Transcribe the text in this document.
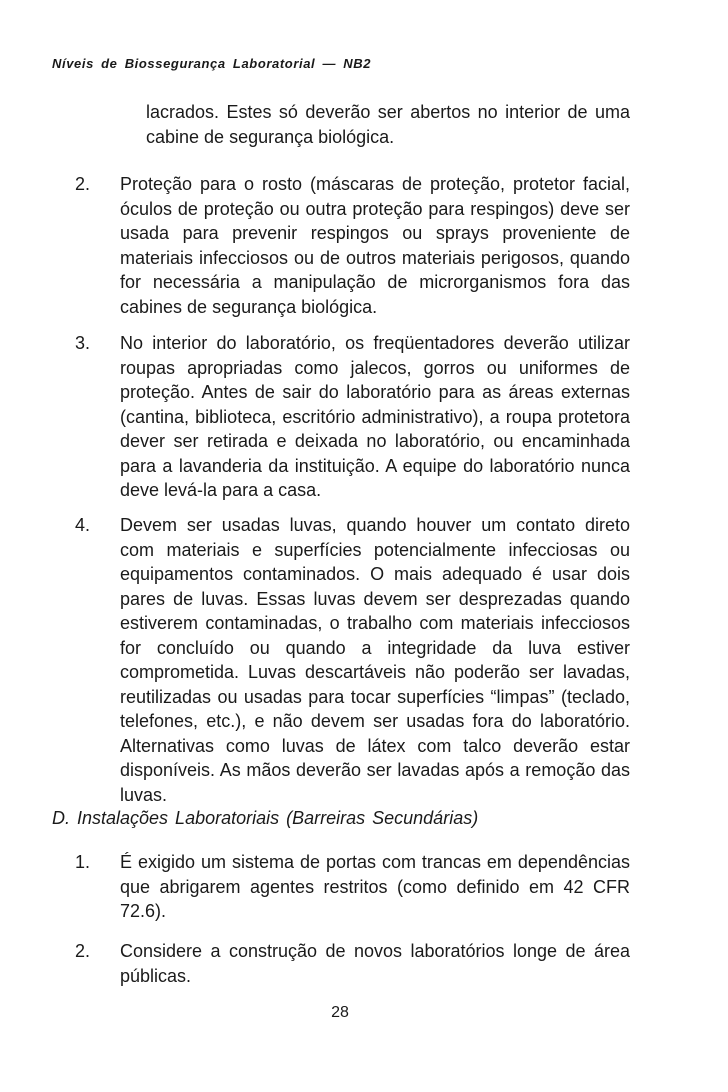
Níveis de Biossegurança Laboratorial — NB2
lacrados. Estes só deverão ser abertos no interior de uma cabine de segurança biológica.
2.	Proteção para o rosto (máscaras de proteção, protetor facial, óculos de proteção ou outra proteção para respingos) deve ser usada para prevenir respingos ou sprays proveniente de materiais infecciosos ou de outros materiais perigosos, quando for necessária a manipulação de microrganismos fora das cabines de segurança biológica.
3.	No interior do laboratório, os freqüentadores deverão utilizar roupas apropriadas como jalecos, gorros ou uniformes de proteção. Antes de sair do laboratório para as áreas externas (cantina, biblioteca, escritório administrativo), a roupa protetora dever ser retirada e deixada no laboratório, ou encaminhada para a lavanderia da instituição. A equipe do laboratório nunca deve levá-la para a casa.
4.	Devem ser usadas luvas, quando houver um contato direto com materiais e superfícies potencialmente infecciosas ou equipamentos contaminados. O mais adequado é usar dois pares de luvas. Essas luvas devem ser desprezadas quando estiverem contaminadas, o trabalho com materiais infecciosos for concluído ou quando a integridade da luva estiver comprometida. Luvas descartáveis não poderão ser lavadas, reutilizadas ou usadas para tocar superfícies “limpas” (teclado, telefones, etc.), e não devem ser usadas fora do laboratório. Alternativas como luvas de látex com talco deverão estar disponíveis. As mãos deverão ser lavadas após a remoção das luvas.
D. Instalações Laboratoriais (Barreiras Secundárias)
1.	É exigido um sistema de portas com trancas em dependências que abrigarem agentes restritos (como definido em 42 CFR 72.6).
2.	Considere a construção de novos laboratórios longe de área públicas.
28
